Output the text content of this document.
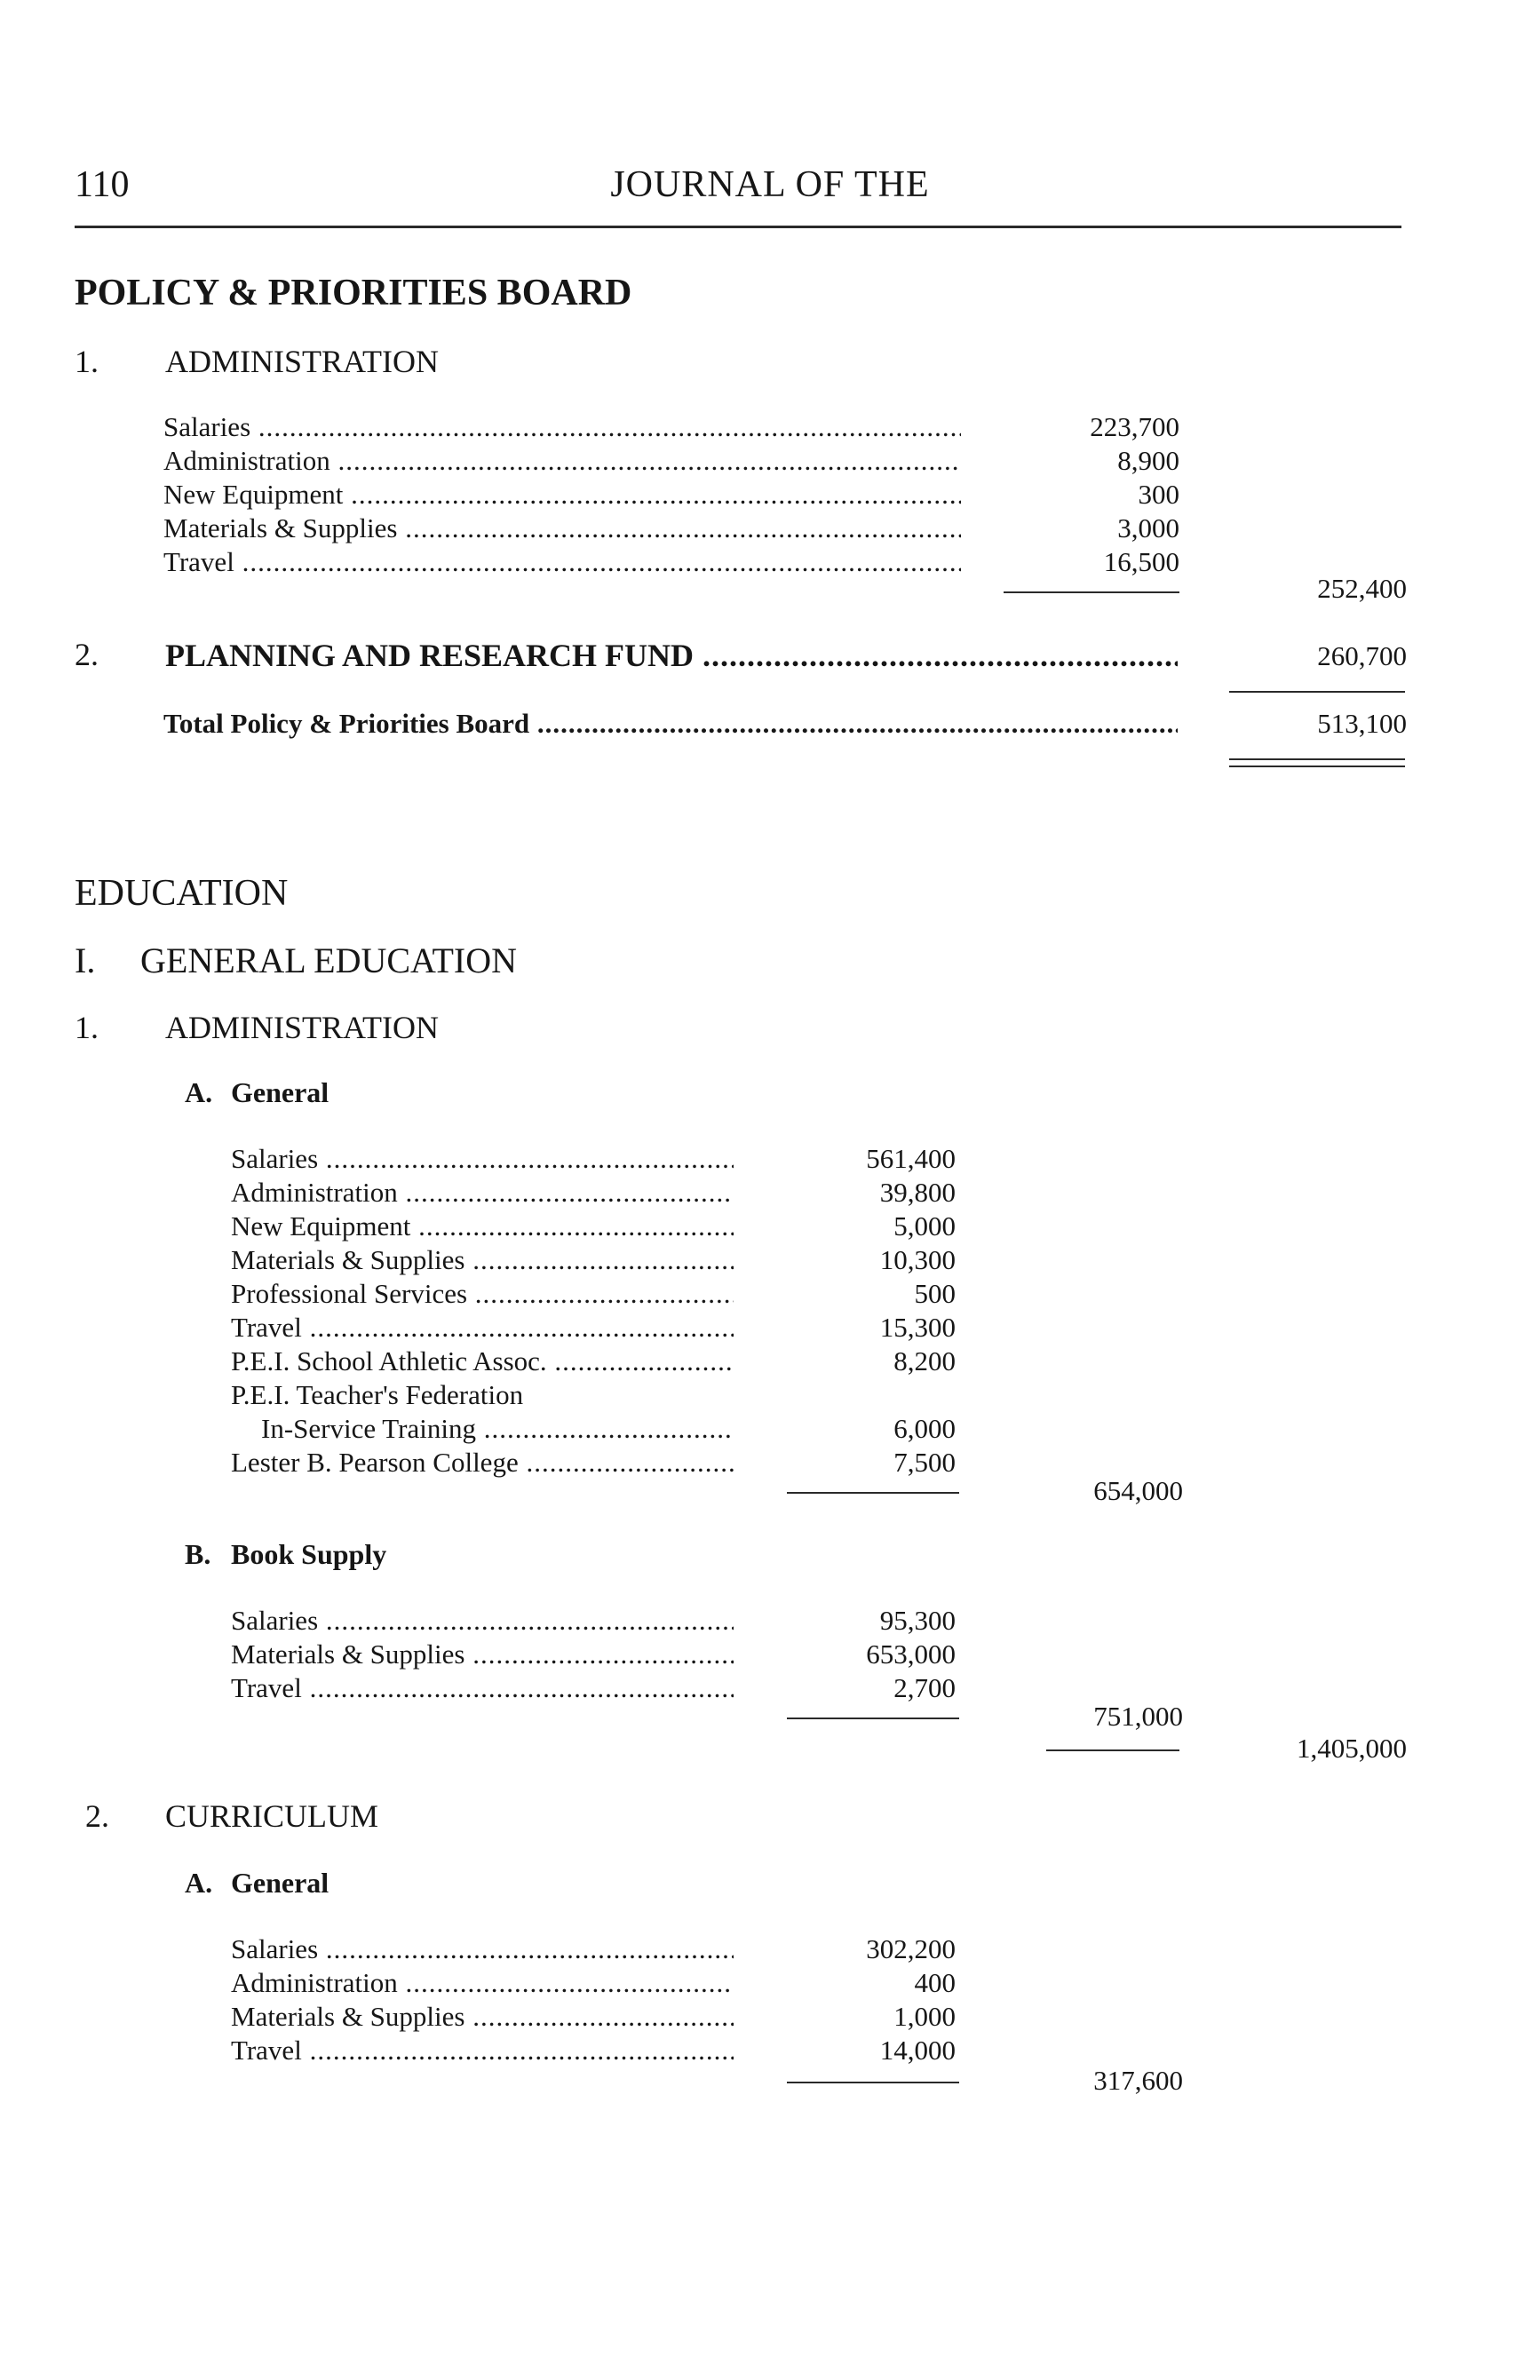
110	JOURNAL OF THE
POLICY & PRIORITIES BOARD
1. ADMINISTRATION
Salaries .....	223,700
Administration .....	8,900
New Equipment .....	300
Materials & Supplies .....	3,000
Travel .....	16,500
252,400
2. PLANNING AND RESEARCH FUND .....	260,700
Total Policy & Priorities Board .....	513,100
EDUCATION
I. GENERAL EDUCATION
1. ADMINISTRATION
A. General
Salaries .....	561,400
Administration .....	39,800
New Equipment .....	5,000
Materials & Supplies .....	10,300
Professional Services .....	500
Travel .....	15,300
P.E.I. School Athletic Assoc. .....	8,200
P.E.I. Teacher's Federation
In-Service Training .....	6,000
Lester B. Pearson College .....	7,500
654,000
B. Book Supply
Salaries .....	95,300
Materials & Supplies .....	653,000
Travel .....	2,700
751,000
1,405,000
2. CURRICULUM
A. General
Salaries .....	302,200
Administration .....	400
Materials & Supplies .....	1,000
Travel .....	14,000
317,600
